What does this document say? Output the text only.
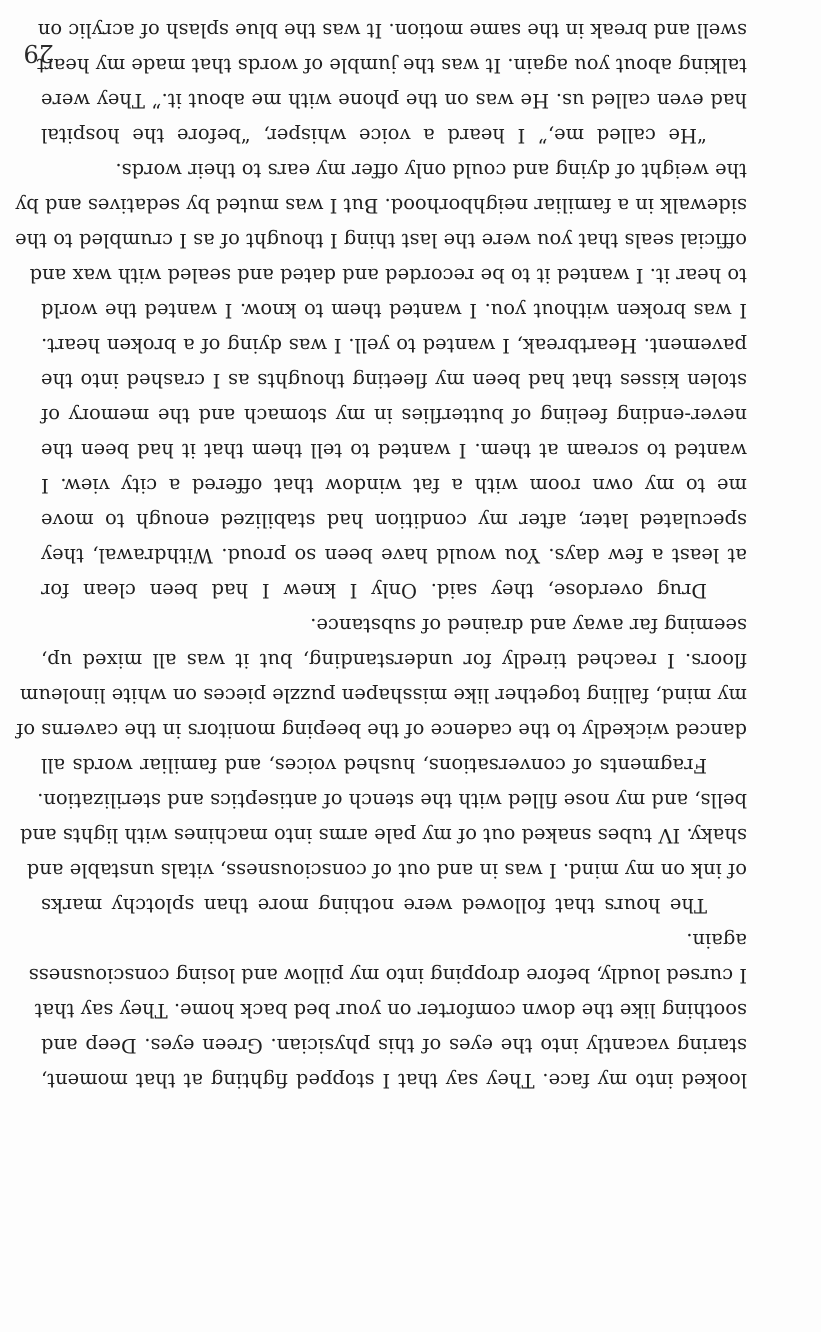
looked into my face. They say that I stopped fighting at that moment,
staring vacantly into the eyes of this physician. Green eyes. Deep and
soothing like the down comforter on your bed back home. They say that
I cursed loudly, before dropping into my pillow and losing consciousness
again.
The hours that followed were nothing more than splotchy marks
of ink on my mind. I was in and out of consciousness, vitals unstable and
shaky. IV tubes snaked out of my pale arms into machines with lights and
bells, and my nose filled with the stench of antiseptics and sterilization.
Fragments of conversations, hushed voices, and familiar words all
danced wickedly to the cadence of the beeping monitors in the caverns of
my mind, falling together like misshapen puzzle pieces on white linoleum
floors. I reached tiredly for understanding, but it was all mixed up,
seeming far away and drained of substance.
Drug overdose, they said. Only I knew I had been clean for
at least a few days. You would have been so proud. Withdrawal, they
speculated later, after my condition had stabilized enough to move
me to my own room with a fat window that offered a city view. I
wanted to scream at them. I wanted to tell them that it had been the
never-ending feeling of butterflies in my stomach and the memory of
stolen kisses that had been my fleeting thoughts as I crashed into the
pavement. Heartbreak, I wanted to yell. I was dying of a broken heart.
I was broken without you. I wanted them to know. I wanted the world
to hear it. I wanted it to be recorded and dated and sealed with wax and
official seals that you were the last thing I thought of as I crumbled to the
sidewalk in a familiar neighborhood. But I was muted by sedatives and by
the weight of dying and could only offer my ears to their words.
“He called me,” I heard a voice whisper, “before the hospital
had even called us. He was on the phone with me about it.” They were
talking about you again. It was the jumble of words that made my heart
swell and break in the same motion. It was the blue splash of acrylic on
29
